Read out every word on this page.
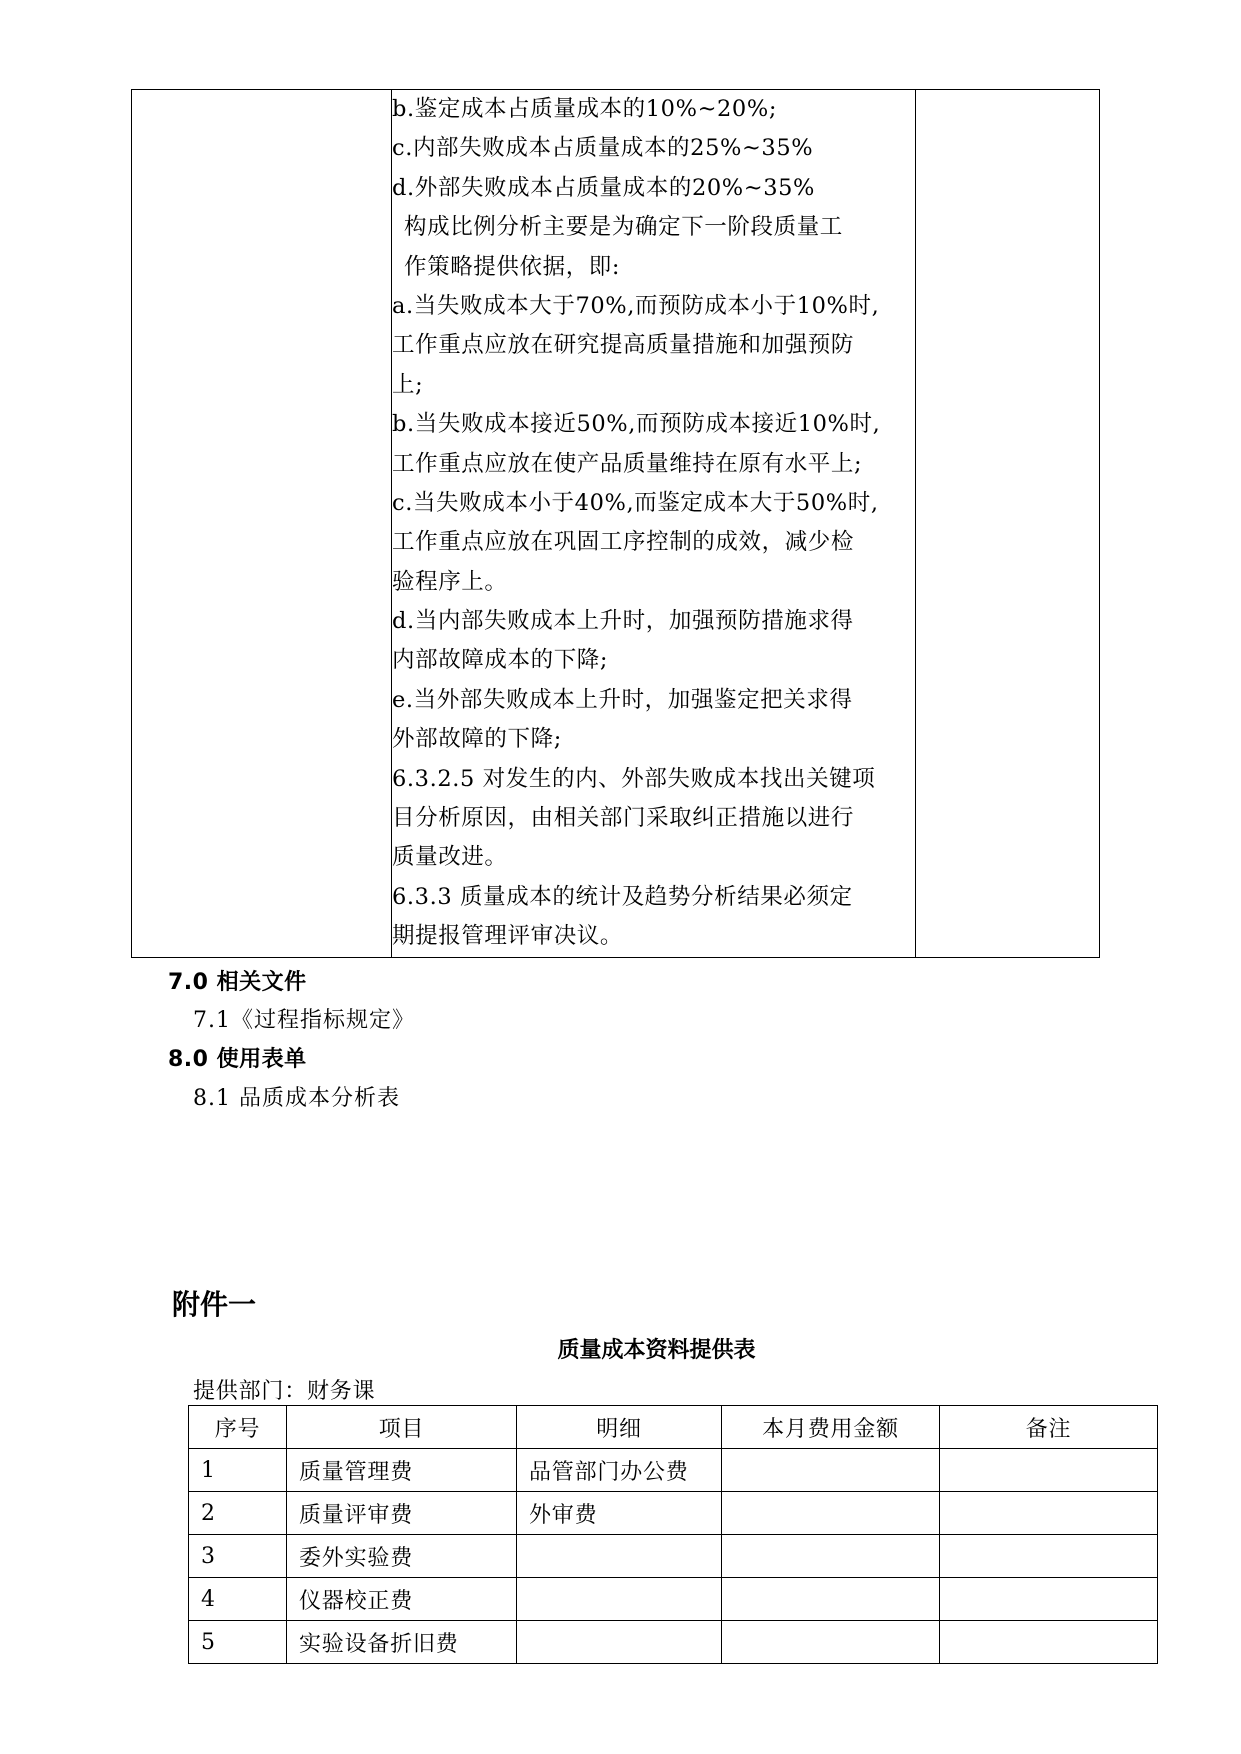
b.鉴定成本占质量成本的10%~20%;
c.内部失败成本占质量成本的25%~35%
d.外部失败成本占质量成本的20%~35%
构成比例分析主要是为确定下一阶段质量工
作策略提供依据，即:
a.当失败成本大于70%,而预防成本小于10%时,
工作重点应放在研究提高质量措施和加强预防
上;
b.当失败成本接近50%,而预防成本接近10%时,
工作重点应放在使产品质量维持在原有水平上;
c.当失败成本小于40%,而鉴定成本大于50%时,
工作重点应放在巩固工序控制的成效，减少检
验程序上。
d.当内部失败成本上升时，加强预防措施求得
内部故障成本的下降;
e.当外部失败成本上升时，加强鉴定把关求得
外部故障的下降;
6.3.2.5 对发生的内、外部失败成本找出关键项
目分析原因，由相关部门采取纠正措施以进行
质量改进。
6.3.3 质量成本的统计及趋势分析结果必须定
期提报管理评审决议。

7.0 相关文件
7.1《过程指标规定》
8.0 使用表单
8.1 品质成本分析表
附件一
质量成本资料提供表
提供部门：财务课
序号	项目	明细	本月费用金额	备注
1	质量管理费	品管部门办公费		
2	质量评审费	外审费		
3	委外实验费			
4	仪器校正费			
5	实验设备折旧费			
